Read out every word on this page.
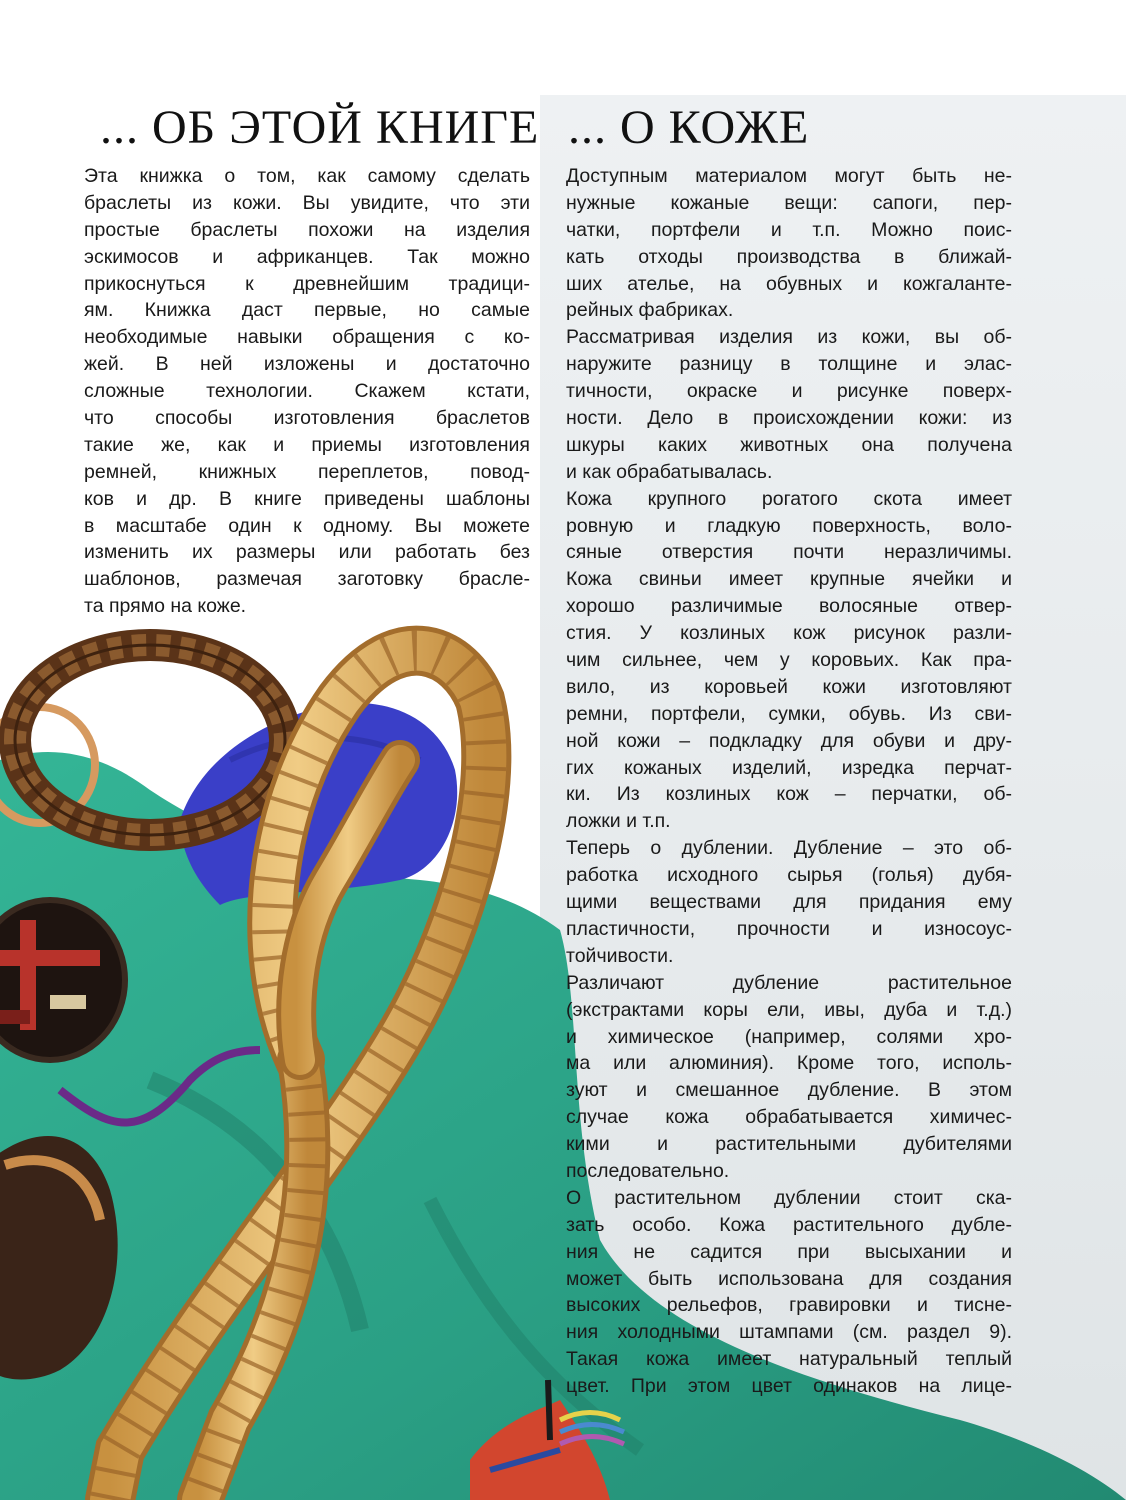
... ОБ ЭТОЙ КНИГЕ ... О КОЖЕ
Эта книжка о том, как самому сделать
браслеты из кожи. Вы увидите, что эти
простые браслеты похожи на изделия
эскимосов и африканцев. Так можно
прикоснуться к древнейшим традици-
ям. Книжка даст первые, но самые
необходимые навыки обращения с ко-
жей. В ней изложены и достаточно
сложные технологии. Скажем кстати,
что способы изготовления браслетов
такие же, как и приемы изготовления
ремней, книжных переплетов, повод-
ков и др. В книге приведены шаблоны
в масштабе один к одному. Вы можете
изменить их размеры или работать без
шаблонов, размечая заготовку брасле-
та прямо на коже.
Доступным материалом могут быть не-
нужные кожаные вещи: сапоги, пер-
чатки, портфели и т.п. Можно поис-
кать отходы производства в ближай-
ших ателье, на обувных и кожгаланте-
рейных фабриках.
Рассматривая изделия из кожи, вы об-
наружите разницу в толщине и элас-
тичности, окраске и рисунке поверх-
ности. Дело в происхождении кожи: из
шкуры каких животных она получена
и как обрабатывалась.
Кожа крупного рогатого скота имеет
ровную и гладкую поверхность, воло-
сяные отверстия почти неразличимы.
Кожа свиньи имеет крупные ячейки и
хорошо различимые волосяные отвер-
стия. У козлиных кож рисунок разли-
чим сильнее, чем у коровьих. Как пра-
вило, из коровьей кожи изготовляют
ремни, портфели, сумки, обувь. Из сви-
ной кожи – подкладку для обуви и дру-
гих кожаных изделий, изредка перчат-
ки. Из козлиных кож – перчатки, об-
ложки и т.п.
Теперь о дублении. Дубление – это об-
работка исходного сырья (голья) дубя-
щими веществами для придания ему
пластичности, прочности и износоус-
тойчивости.
Различают дубление растительное
(экстрактами коры ели, ивы, дуба и т.д.)
и химическое (например, солями хро-
ма или алюминия). Кроме того, исполь-
зуют и смешанное дубление. В этом
случае кожа обрабатывается химичес-
кими и растительными дубителями
последовательно.
О растительном дублении стоит ска-
зать особо. Кожа растительного дубле-
ния не садится при высыхании и
может быть использована для создания
высоких рельефов, гравировки и тисне-
ния холодными штампами (см. раздел 9).
Такая кожа имеет натуральный теплый
цвет. При этом цвет одинаков на лице-
